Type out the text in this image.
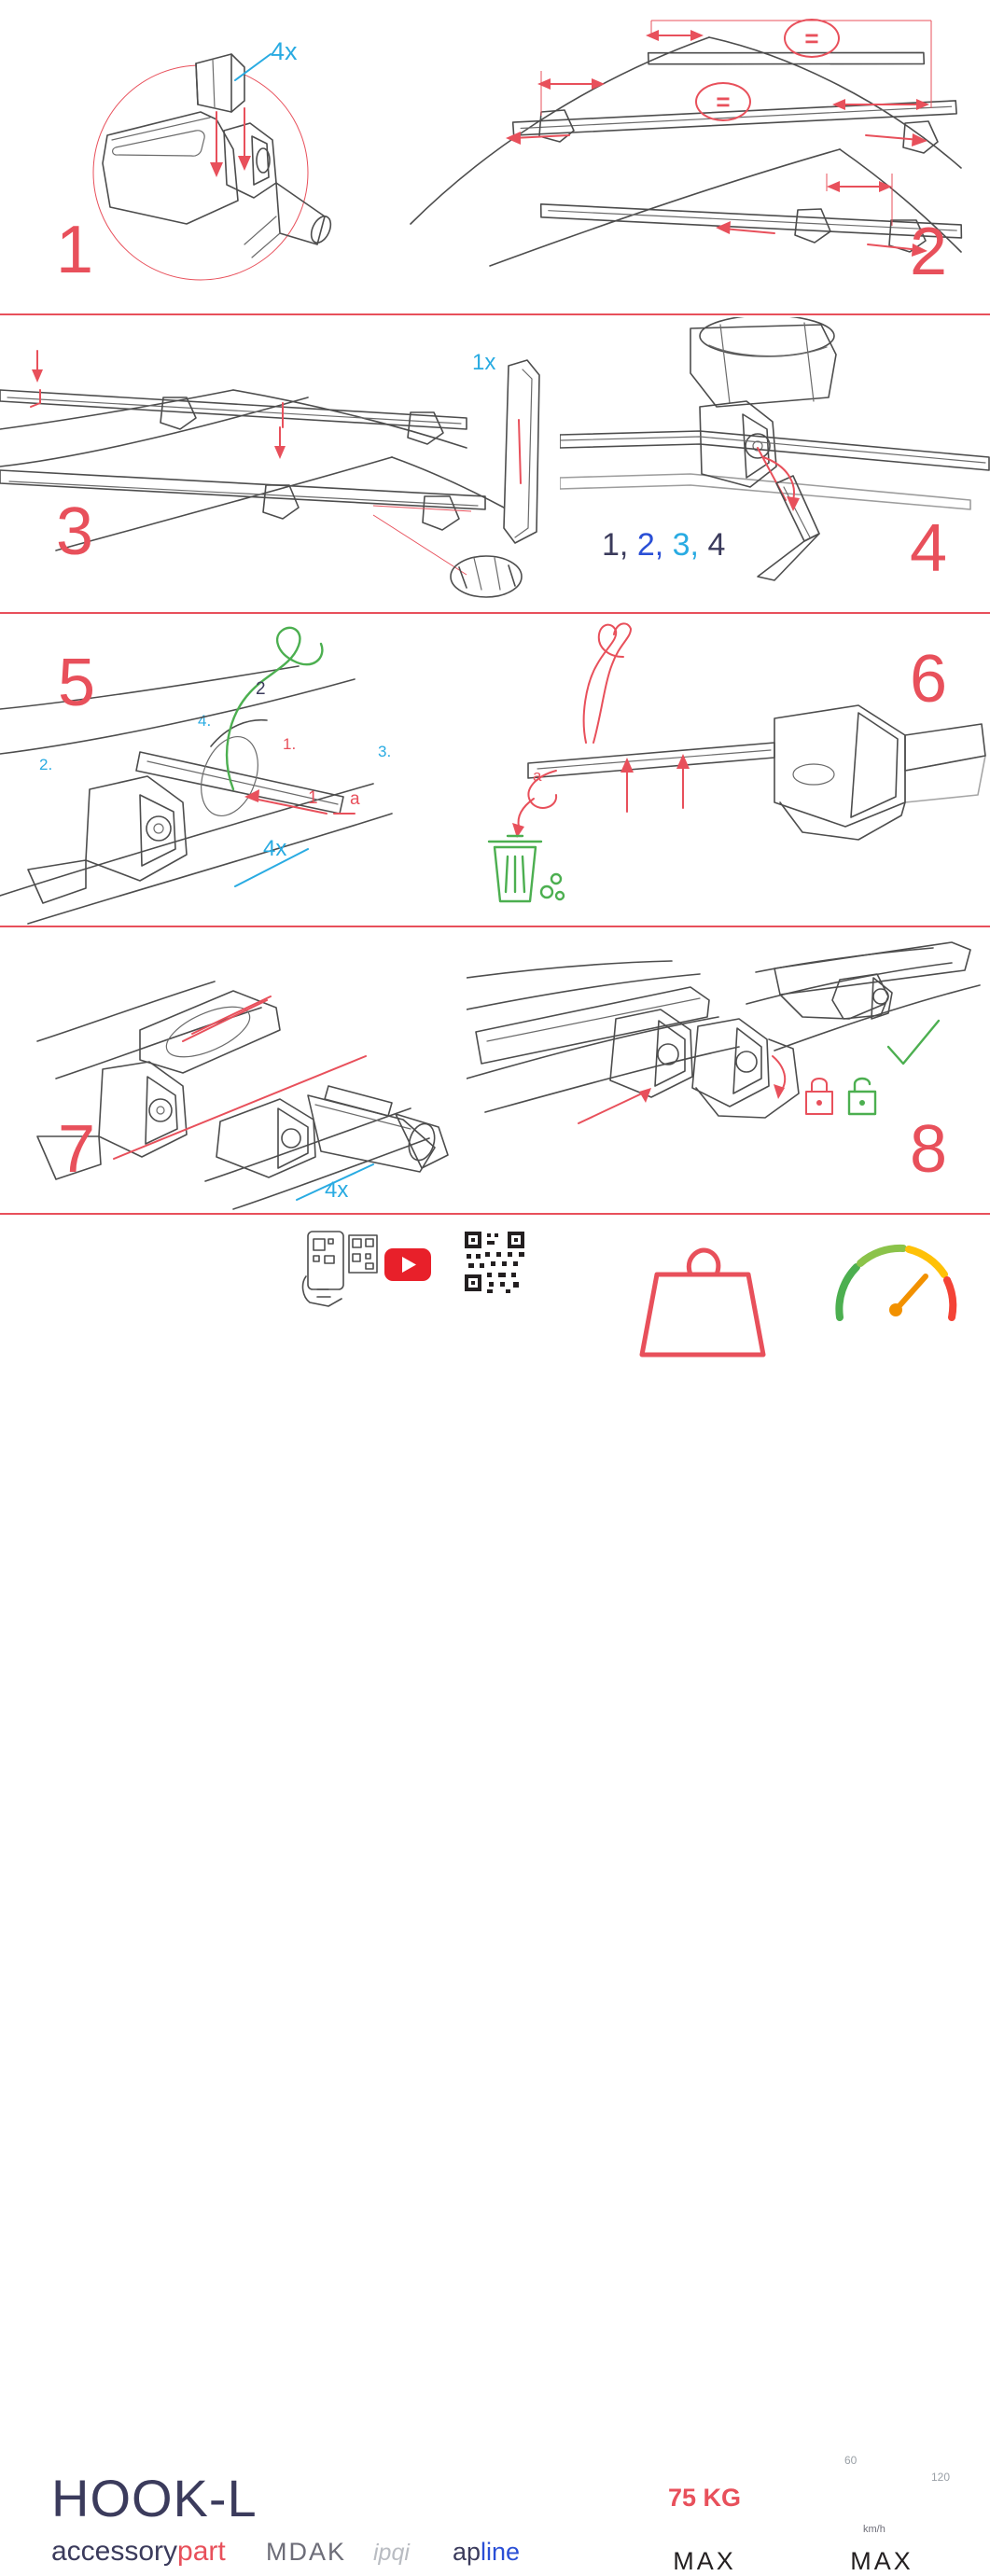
4x
1
=
=
2
1.
2.
3.
4.
1x
3	1, 2, 3, 4	4
1
2
a
4x
5
a
6
4x
7	8
HOOK-L
accessorypart MDAK ipqi apline
75 KG
MAX	MAX
km/h
60
120
